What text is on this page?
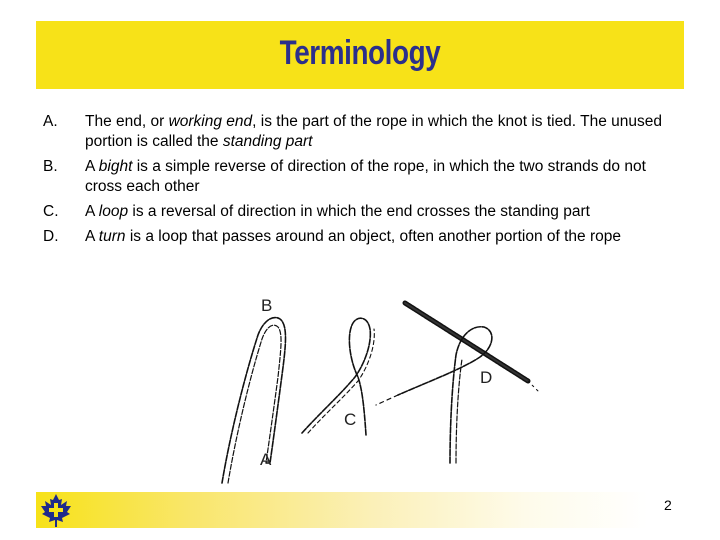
Terminology
A.	The end, or working end, is the part of the rope in which the knot is tied. The unused portion is called the standing part
B.	A bight is a simple reverse of direction of the rope, in which the two strands do not cross each other
C.	A loop is a reversal of direction in which the end crosses the standing part
D.	A turn is a loop that passes around an object, often another portion of the rope
B
A
C
D
2
